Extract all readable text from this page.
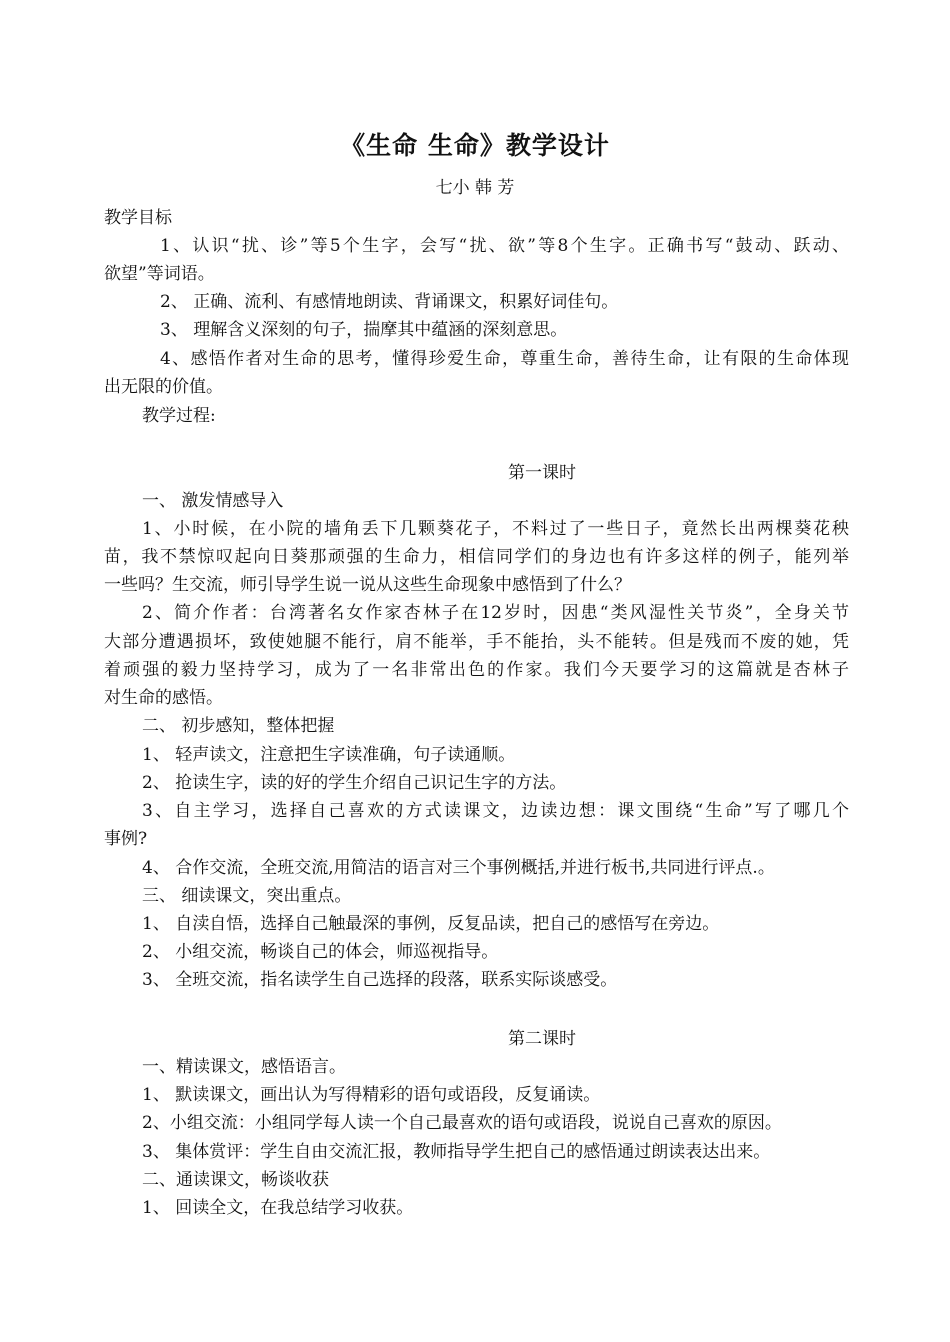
《生命 生命》教学设计
七小 韩 芳
教学目标
1、认识“扰、诊”等5个生字，会写“扰、欲”等8个生字。正确书写“鼓动、跃动、
欲望”等词语。
2、 正确、流利、有感情地朗读、背诵课文，积累好词佳句。
3、 理解含义深刻的句子，揣摩其中蕴涵的深刻意思。
4、感悟作者对生命的思考，懂得珍爱生命，尊重生命，善待生命，让有限的生命体现
出无限的价值。
教学过程:
第一课时
一、 激发情感导入
1、小时候，在小院的墙角丢下几颗葵花子，不料过了一些日子，竟然长出两棵葵花秧
苗，我不禁惊叹起向日葵那顽强的生命力，相信同学们的身边也有许多这样的例子，能列举
一些吗？生交流，师引导学生说一说从这些生命现象中感悟到了什么？
2、简介作者：台湾著名女作家杏林子在12岁时，因患“类风湿性关节炎”，全身关节
大部分遭遇损坏，致使她腿不能行，肩不能举，手不能抬，头不能转。但是残而不废的她，凭
着顽强的毅力坚持学习，成为了一名非常出色的作家。我们今天要学习的这篇就是杏林子
对生命的感悟。
二、 初步感知，整体把握
1、 轻声读文，注意把生字读准确，句子读通顺。
2、 抢读生字，读的好的学生介绍自己识记生字的方法。
3、自主学习，选择自己喜欢的方式读课文，边读边想：课文围绕“生命”写了哪几个
事例?
4、 合作交流，全班交流,用简洁的语言对三个事例概括,并进行板书,共同进行评点.。
三、 细读课文，突出重点。
1、 自渎自悟，选择自己触最深的事例，反复品读，把自己的感悟写在旁边。
2、 小组交流，畅谈自己的体会，师巡视指导。
3、 全班交流，指名读学生自己选择的段落，联系实际谈感受。
第二课时
一、精读课文，感悟语言。
1、 默读课文，画出认为写得精彩的语句或语段，反复诵读。
2、小组交流：小组同学每人读一个自己最喜欢的语句或语段，说说自己喜欢的原因。
3、 集体赏评：学生自由交流汇报，教师指导学生把自己的感悟通过朗读表达出来。
二、通读课文，畅谈收获
1、 回读全文，在我总结学习收获。
